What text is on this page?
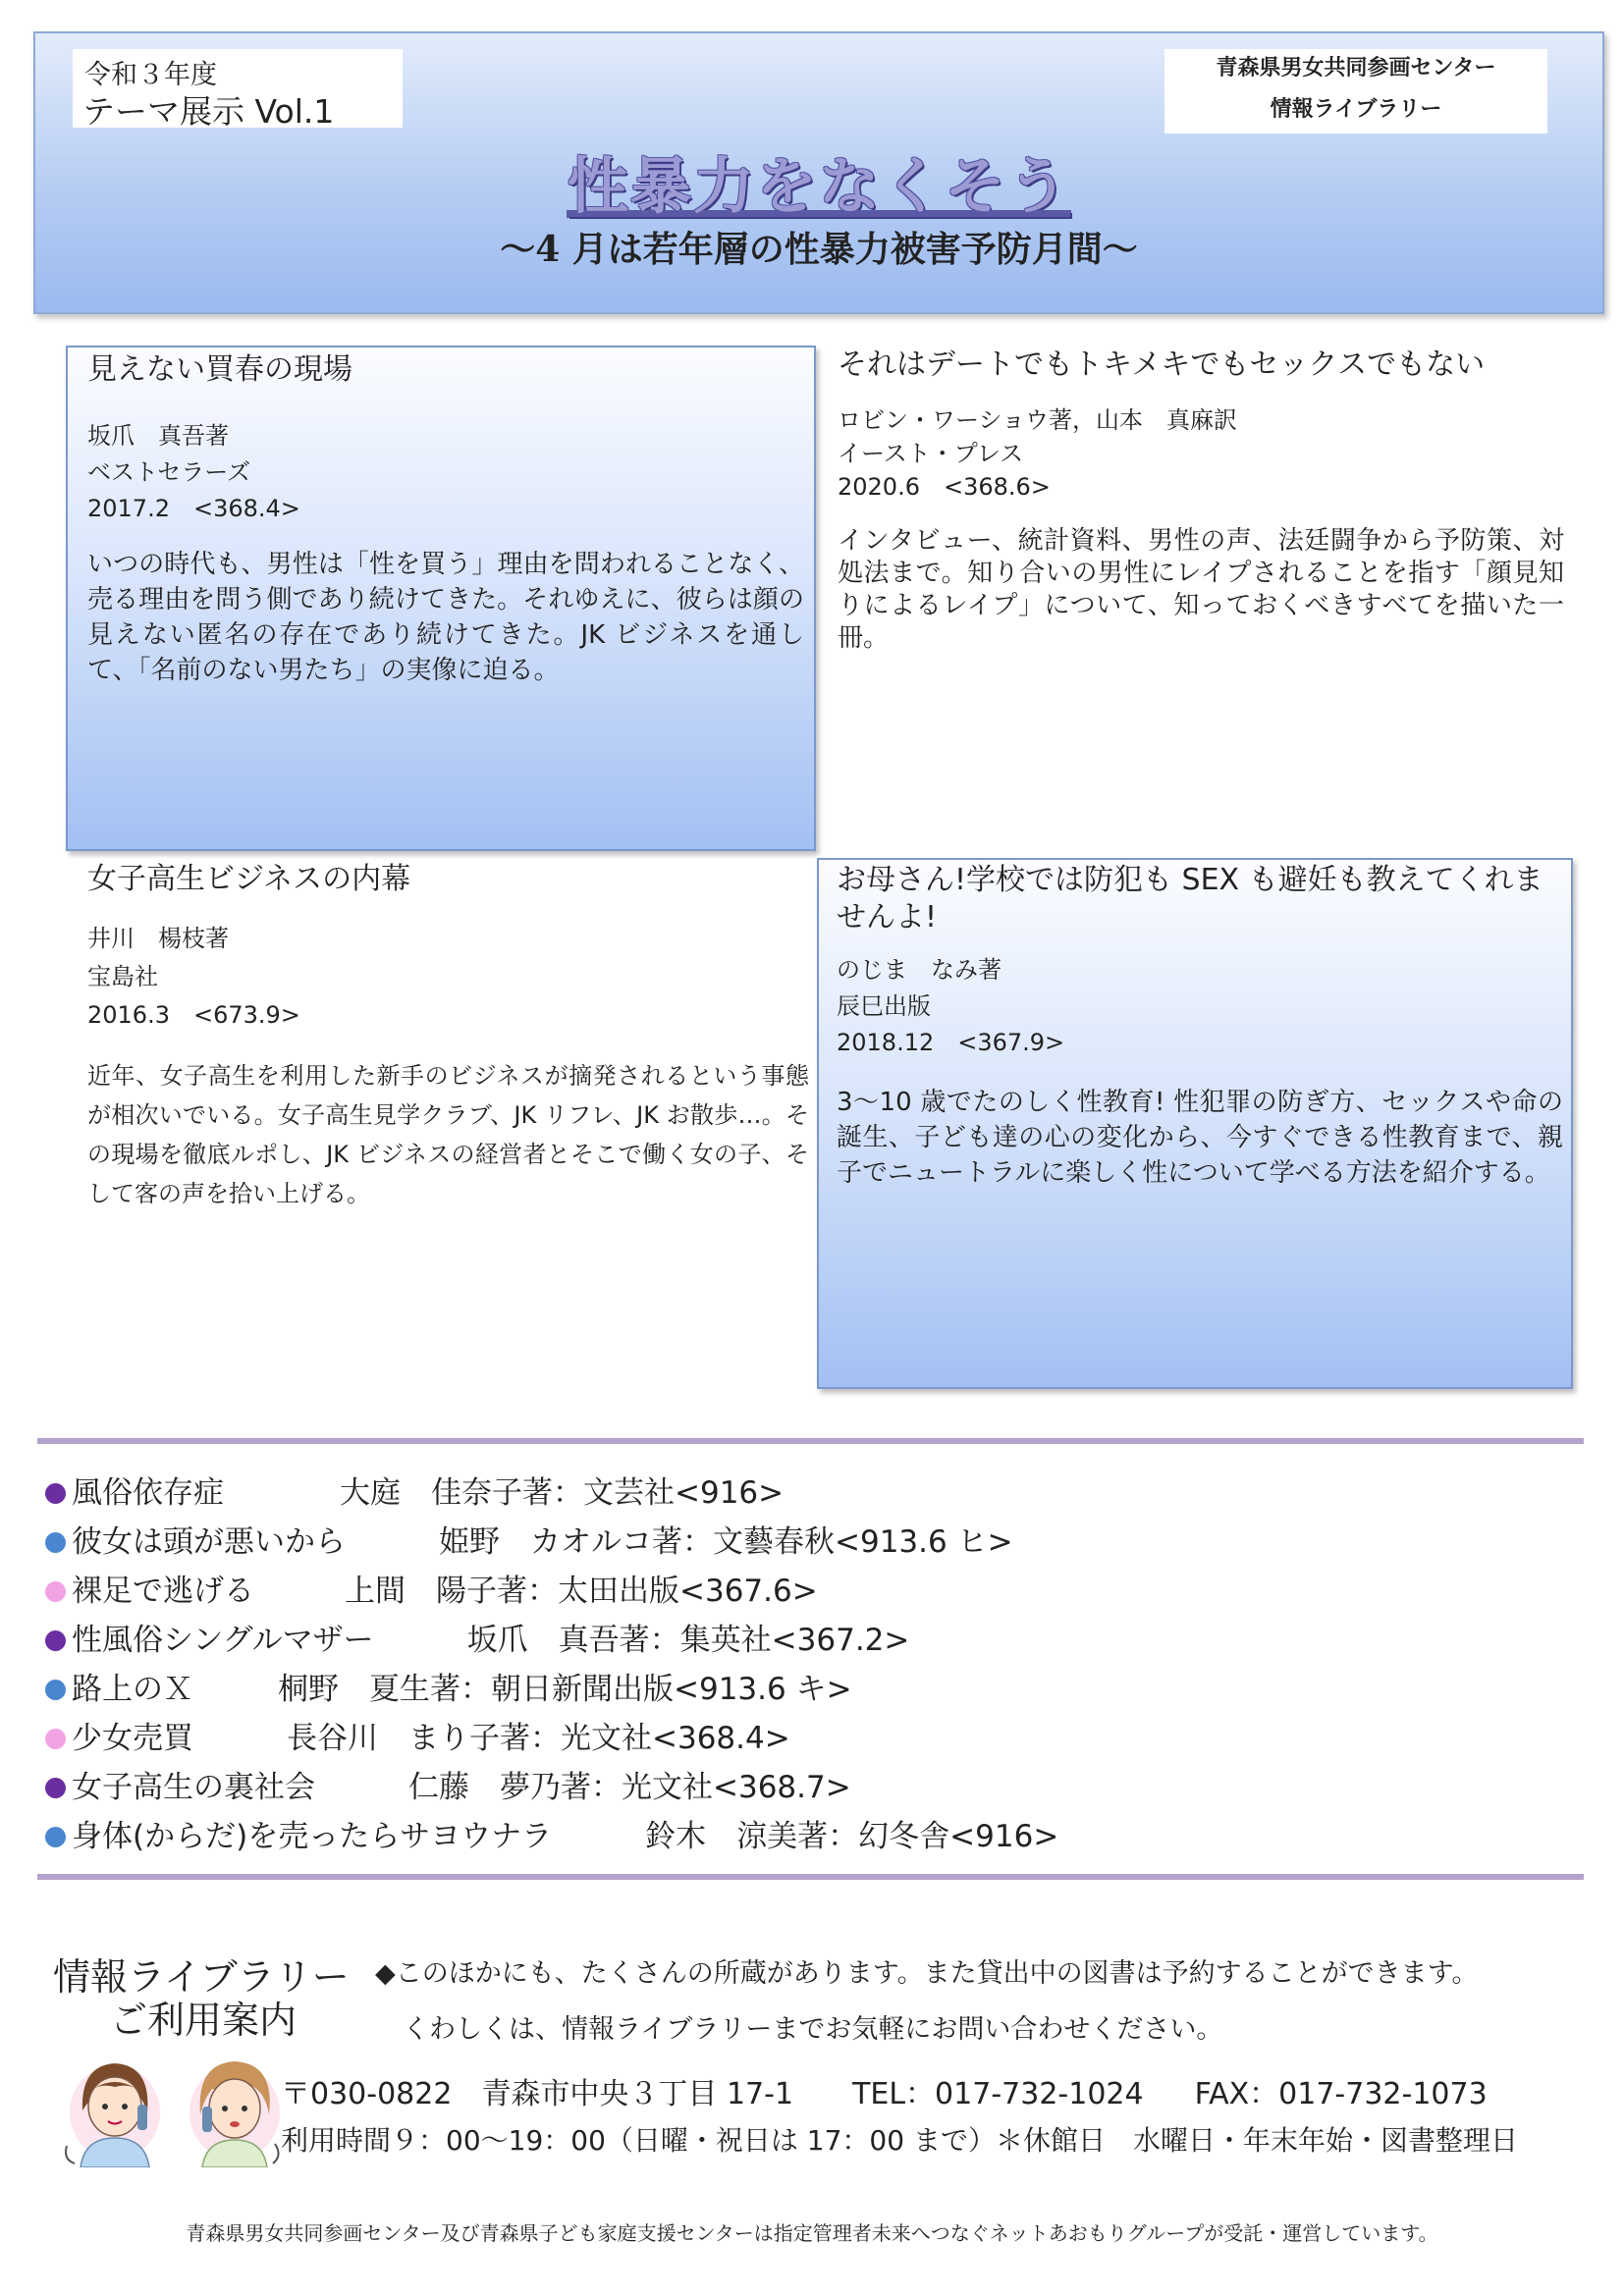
令和３年度
テーマ展示 Vol.1
青森県男女共同参画センター
情報ライブラリー
性暴力をなくそう
～4 月は若年層の性暴力被害予防月間～

見えない買春の現場

坂爪　真吾著

ベストセラーズ

2017.2　<368.4>

いつの時代も、男性は「性を買う」理由を問われることなく、売る理由を問う側であり続けてきた。それゆえに、彼らは顔の見えない匿名の存在であり続けてきた。JK ビジネスを通して、「名前のない男たち」の実像に迫る。

それはデートでもトキメキでもセックスでもない

ロビン・ワーショウ著，山本　真麻訳

イースト・プレス

2020.6　<368.6>

インタビュー、統計資料、男性の声、法廷闘争から予防策、対処法まで。知り合いの男性にレイプされることを指す「顔見知りによるレイプ」について、知っておくべきすべてを描いた一冊。

女子高生ビジネスの内幕

井川　楊枝著

宝島社

2016.3　<673.9>

近年、女子高生を利用した新手のビジネスが摘発されるという事態が相次いでいる。女子高生見学クラブ、JK リフレ、JK お散歩…。その現場を徹底ルポし、JK ビジネスの経営者とそこで働く女の子、そして客の声を拾い上げる。

お母さん!学校では防犯も SEX も避妊も教えてくれませんよ!

のじま　なみ著

辰巳出版

2018.12　<367.9>

3～10 歳でたのしく性教育! 性犯罪の防ぎ方、セックスや命の誕生、子ども達の心の変化から、今すぐできる性教育まで、親子でニュートラルに楽しく性について学べる方法を紹介する。

風俗依存症	大庭　佳奈子著：文芸社<916>
彼女は頭が悪いから	姫野　カオルコ著：文藝春秋<913.6 ヒ>
裸足で逃げる	上間　陽子著：太田出版<367.6>
性風俗シングルマザー	坂爪　真吾著：集英社<367.2>
路上のＸ	桐野　夏生著：朝日新聞出版<913.6 キ>
少女売買	長谷川　まり子著：光文社<368.4>
女子高生の裏社会	仁藤　夢乃著：光文社<368.7>
身体(からだ)を売ったらサヨウナラ	鈴木　涼美著：幻冬舎<916>
情報ライブラリー
ご利用案内
◆このほかにも、たくさんの所蔵があります。また貸出中の図書は予約することができます。
くわしくは、情報ライブラリーまでお気軽にお問い合わせください。
〒030-0822 青森市中央３丁目 17-1 TEL：017-732-1024 FAX：017-732-1073
利用時間９：00～19：00（日曜・祝日は 17：00 まで）＊休館日　水曜日・年末年始・図書整理日
青森県男女共同参画センター及び青森県子ども家庭支援センターは指定管理者未来へつなぐネットあおもりグループが受託・運営しています。
